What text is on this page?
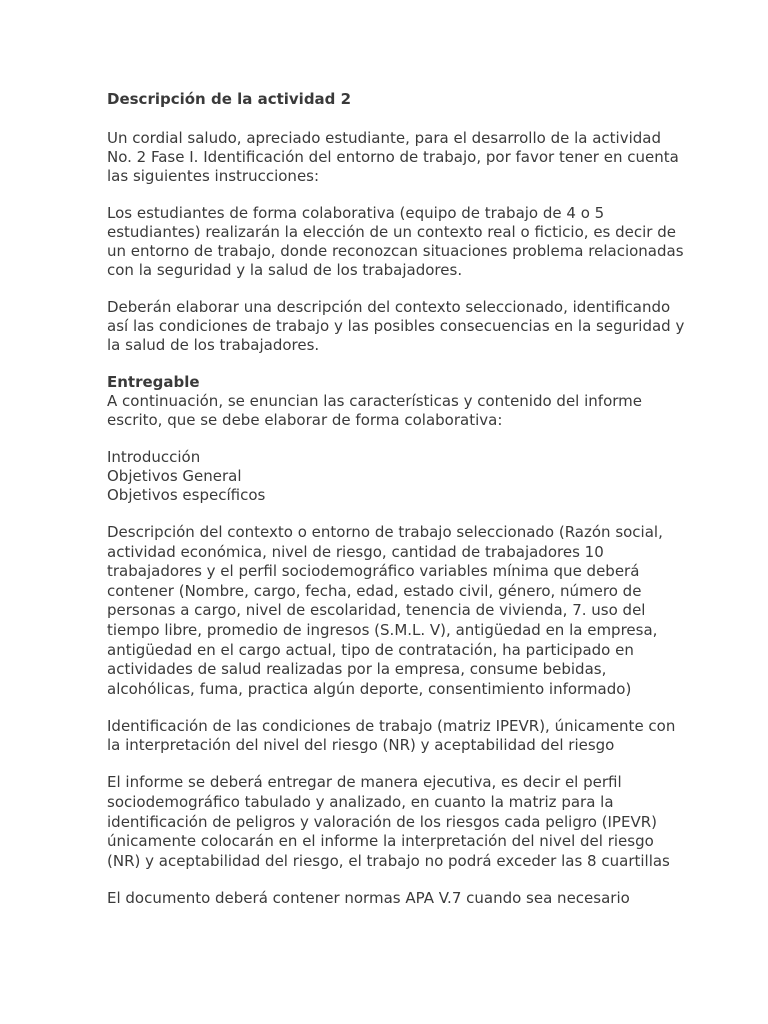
Descripción de la actividad 2

Un cordial saludo, apreciado estudiante, para el desarrollo de la actividad No. 2 Fase I. Identificación del entorno de trabajo, por favor tener en cuenta las siguientes instrucciones:

Los estudiantes de forma colaborativa (equipo de trabajo de 4 o 5 estudiantes) realizarán la elección de un contexto real o ficticio, es decir de un entorno de trabajo, donde reconozcan situaciones problema relacionadas con la seguridad y la salud de los trabajadores.

Deberán elaborar una descripción del contexto seleccionado, identificando así las condiciones de trabajo y las posibles consecuencias en la seguridad y la salud de los trabajadores.

Entregable

A continuación, se enuncian las características y contenido del informe escrito, que se debe elaborar de forma colaborativa:

Introducción
Objetivos General
Objetivos específicos

Descripción del contexto o entorno de trabajo seleccionado (Razón social, actividad económica, nivel de riesgo, cantidad de trabajadores 10 trabajadores y el perfil sociodemográfico variables mínima que deberá contener (Nombre, cargo, fecha, edad, estado civil, género, número de personas a cargo, nivel de escolaridad, tenencia de vivienda, 7. uso del tiempo libre, promedio de ingresos (S.M.L. V), antigüedad en la empresa, antigüedad en el cargo actual, tipo de contratación, ha participado en actividades de salud realizadas por la empresa, consume bebidas, alcohólicas, fuma, practica algún deporte, consentimiento informado)

Identificación de las condiciones de trabajo (matriz IPEVR), únicamente con la interpretación del nivel del riesgo (NR) y aceptabilidad del riesgo

El informe se deberá entregar de manera ejecutiva, es decir el perfil sociodemográfico tabulado y analizado, en cuanto la matriz para la identificación de peligros y valoración de los riesgos cada peligro (IPEVR) únicamente colocarán en el informe la interpretación del nivel del riesgo (NR) y aceptabilidad del riesgo, el trabajo no podrá exceder las 8 cuartillas

El documento deberá contener normas APA V.7 cuando sea necesario
